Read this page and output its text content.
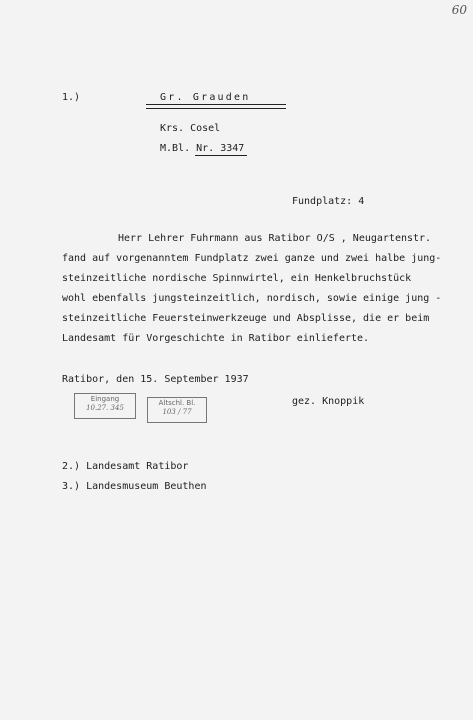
60
1.)	Gr. Grauden
Krs. Cosel
M.Bl. Nr. 3347
Fundplatz: 4
Herr Lehrer Fuhrmann aus Ratibor O/S , Neugartenstr.
fand auf vorgenanntem Fundplatz zwei ganze und zwei halbe jung-
steinzeitliche nordische Spinnwirtel, ein Henkelbruchstück
wohl ebenfalls jungsteinzeitlich, nordisch, sowie einige jung -
steinzeitliche Feuersteinwerkzeuge und Absplisse, die er beim
Landesamt für Vorgeschichte in Ratibor einlieferte.
Ratibor, den 15. September 1937
gez. Knoppik
Eingang
10.27. 345
Altschl. Bl.
103 / 77
2.) Landesamt Ratibor
3.) Landesmuseum Beuthen
